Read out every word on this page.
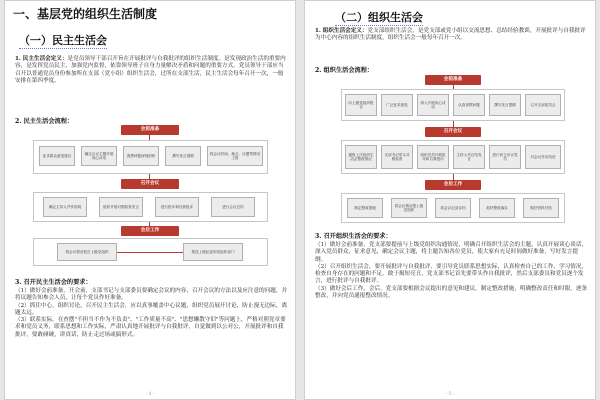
一、基层党的组织生活制度
（一）民主生活会
1. 民主生活会定义：是党员领导干部召开旨在开展批评与自我批评的组织生活制度。是发现政治生活的重要内容，是发挥党员民主、加强党内监督，依靠领导班子自身力量解决矛盾和问题的重要方式。党员领导干部应当召开以普通党员身份参加所在支部（党小组）组织生活会，过所在支部生活，民主生活会每年召开一次，一般安排在第四季度。
2. 民主生活会流程：
会前准备
征求群众意见建议
确定会议主题开展谈心谈话
查摆问题深刻剖析	撰写发言提纲
将会议时间、地点、议题等情况上报
召开会议
确定主持人并作说明	组织开展对照检查发言	进行批评和自我批评	进行会议总结
会后工作
将会议情况报告上级党组织	报送上级纪委和党组织部门
3. 召开民主生活会的要求：
（1）做好会前准备，开会前，支部书记与支部委员要确定会议的内容，召开会议的方法以及应注意的问题，并将议题告知参会人员，让每个党员作好准备。
（2）抓住中心，组织讨论，召开民主生活会，应以真事覆盖中心议题，组织党员展开讨论，防止漫无边际，离题太远。
（3）联系实际，在查摆"不担当不作为不负责"、"工作质量不高"、"思想懒散守旧"等问题上，严格对照党章要求和党员义务，联系思想和工作实际，严肃认真地开展批评与自我批评，自觉做到以公对公，开展批评和自我批评，要敢碰硬，讲真话，防止走过场或搞形式。
- 4 -
（二）组织生活会
1. 组织生活会定义：党支部组织生活会，是党支部或党小组以交流思想、总结经验教训，开展批评与自我批评为中心内容的组织生活制度，组织生活会一般每年召开一次。
2. 组织生活会流程：
会前准备
向上级党组织报告
广泛征求意见
深入开展谈心谈话
认真查摆问题	撰写发言提纲	召开支部委员会
召开会议
通报上次组织生活会整改情况
支部书记带头对照检查
组织党员开展批评和自我批评
主持人作总结发言
进行民主评议党员
对会议作出结论
会后工作
制定整改措施
将会议情况报上级党组织
将会议记录存档	抓好整改落实	做好资料归档
3. 召开组织生活会的要求：
（1）做好会前准备，党支部要提前与上级党组织沟通情况，明确召开组织生活会的主题，认真开展谈心谈话，深入党员群众，征求意见，确定会议主题，将主题告知各位党员，使大家有充足时间做好准备，写好发言提纲。
（2）召开组织生活会，要开展批评与自我批评，要引导党员联系思想实际，认真检查自己的工作、学习情况，检查自身存在的问题和不足，敢于揭短亮丑，党支部书记首先要带头作自我批评，然后支部委员和党员逐个发言，进行批评与自我批评。
（3）做好会后工作，会后，党支部要根据会议提出的意见和建议，制定整改措施，明确整改责任和时限，逐条整改，并向党员通报整改情况。
- 5 -
